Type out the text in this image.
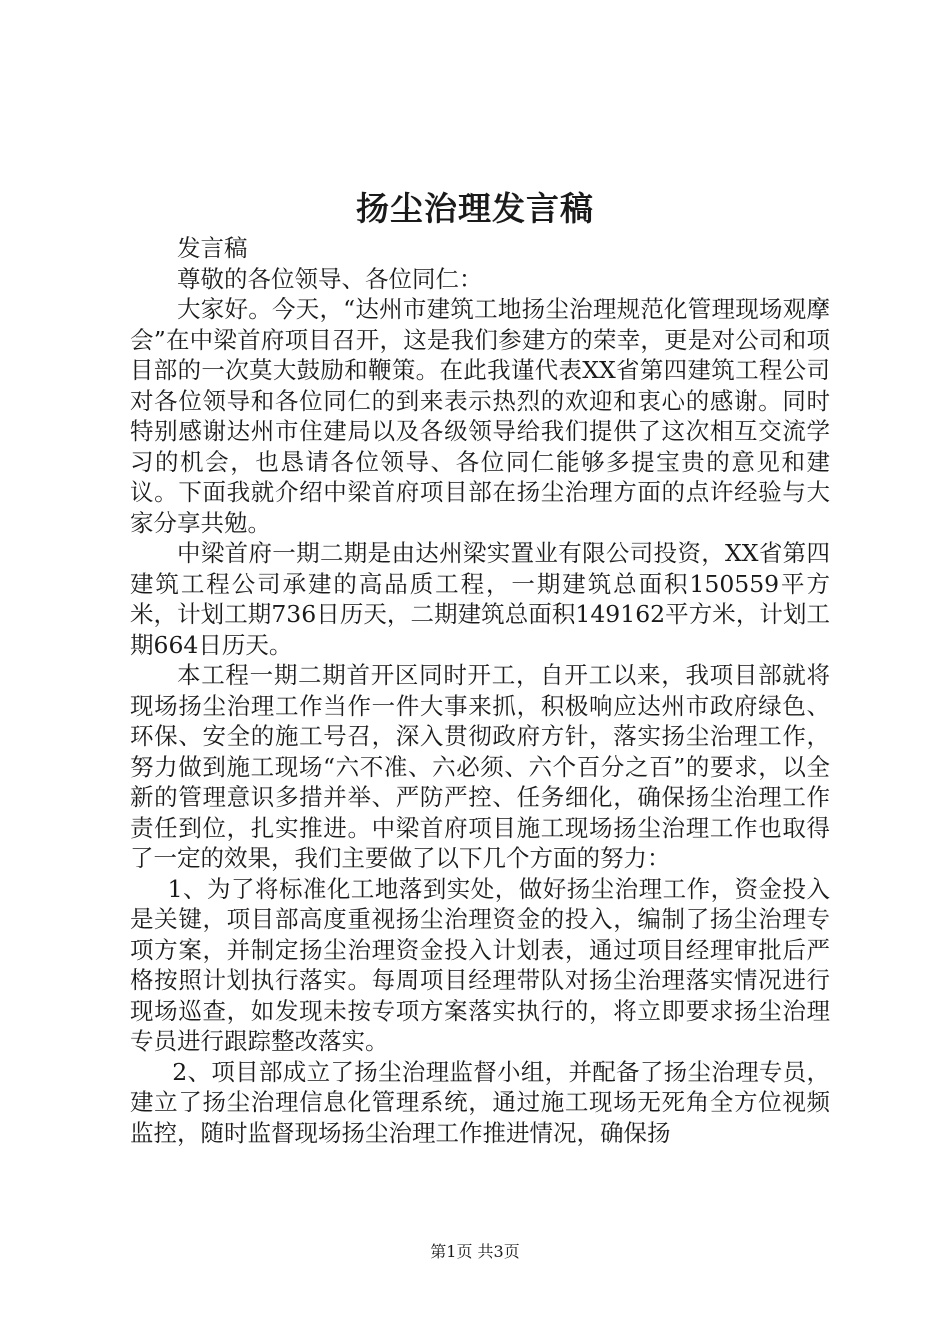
扬尘治理发言稿

发言稿

尊敬的各位领导、各位同仁：

大家好。今天，“达州市建筑工地扬尘治理规范化管理现场观摩会”在中梁首府项目召开，这是我们参建方的荣幸，更是对公司和项目部的一次莫大鼓励和鞭策。在此我谨代表XX省第四建筑工程公司对各位领导和各位同仁的到来表示热烈的欢迎和衷心的感谢。同时特别感谢达州市住建局以及各级领导给我们提供了这次相互交流学习的机会，也恳请各位领导、各位同仁能够多提宝贵的意见和建议。下面我就介绍中梁首府项目部在扬尘治理方面的点许经验与大家分享共勉。

中梁首府一期二期是由达州梁实置业有限公司投资，XX省第四建筑工程公司承建的高品质工程，一期建筑总面积150559平方米，计划工期736日历天，二期建筑总面积149162平方米，计划工期664日历天。

本工程一期二期首开区同时开工，自开工以来，我项目部就将现场扬尘治理工作当作一件大事来抓，积极响应达州市政府绿色、环保、安全的施工号召，深入贯彻政府方针，落实扬尘治理工作，努力做到施工现场“六不准、六必须、六个百分之百”的要求，以全新的管理意识多措并举、严防严控、任务细化，确保扬尘治理工作责任到位，扎实推进。中梁首府项目施工现场扬尘治理工作也取得了一定的效果，我们主要做了以下几个方面的努力：

1、为了将标准化工地落到实处，做好扬尘治理工作，资金投入是关键，项目部高度重视扬尘治理资金的投入，编制了扬尘治理专项方案，并制定扬尘治理资金投入计划表，通过项目经理审批后严格按照计划执行落实。每周项目经理带队对扬尘治理落实情况进行现场巡查，如发现未按专项方案落实执行的，将立即要求扬尘治理专员进行跟踪整改落实。

2、项目部成立了扬尘治理监督小组，并配备了扬尘治理专员，建立了扬尘治理信息化管理系统，通过施工现场无死角全方位视频监控，随时监督现场扬尘治理工作推进情况，确保扬

第1页 共3页
